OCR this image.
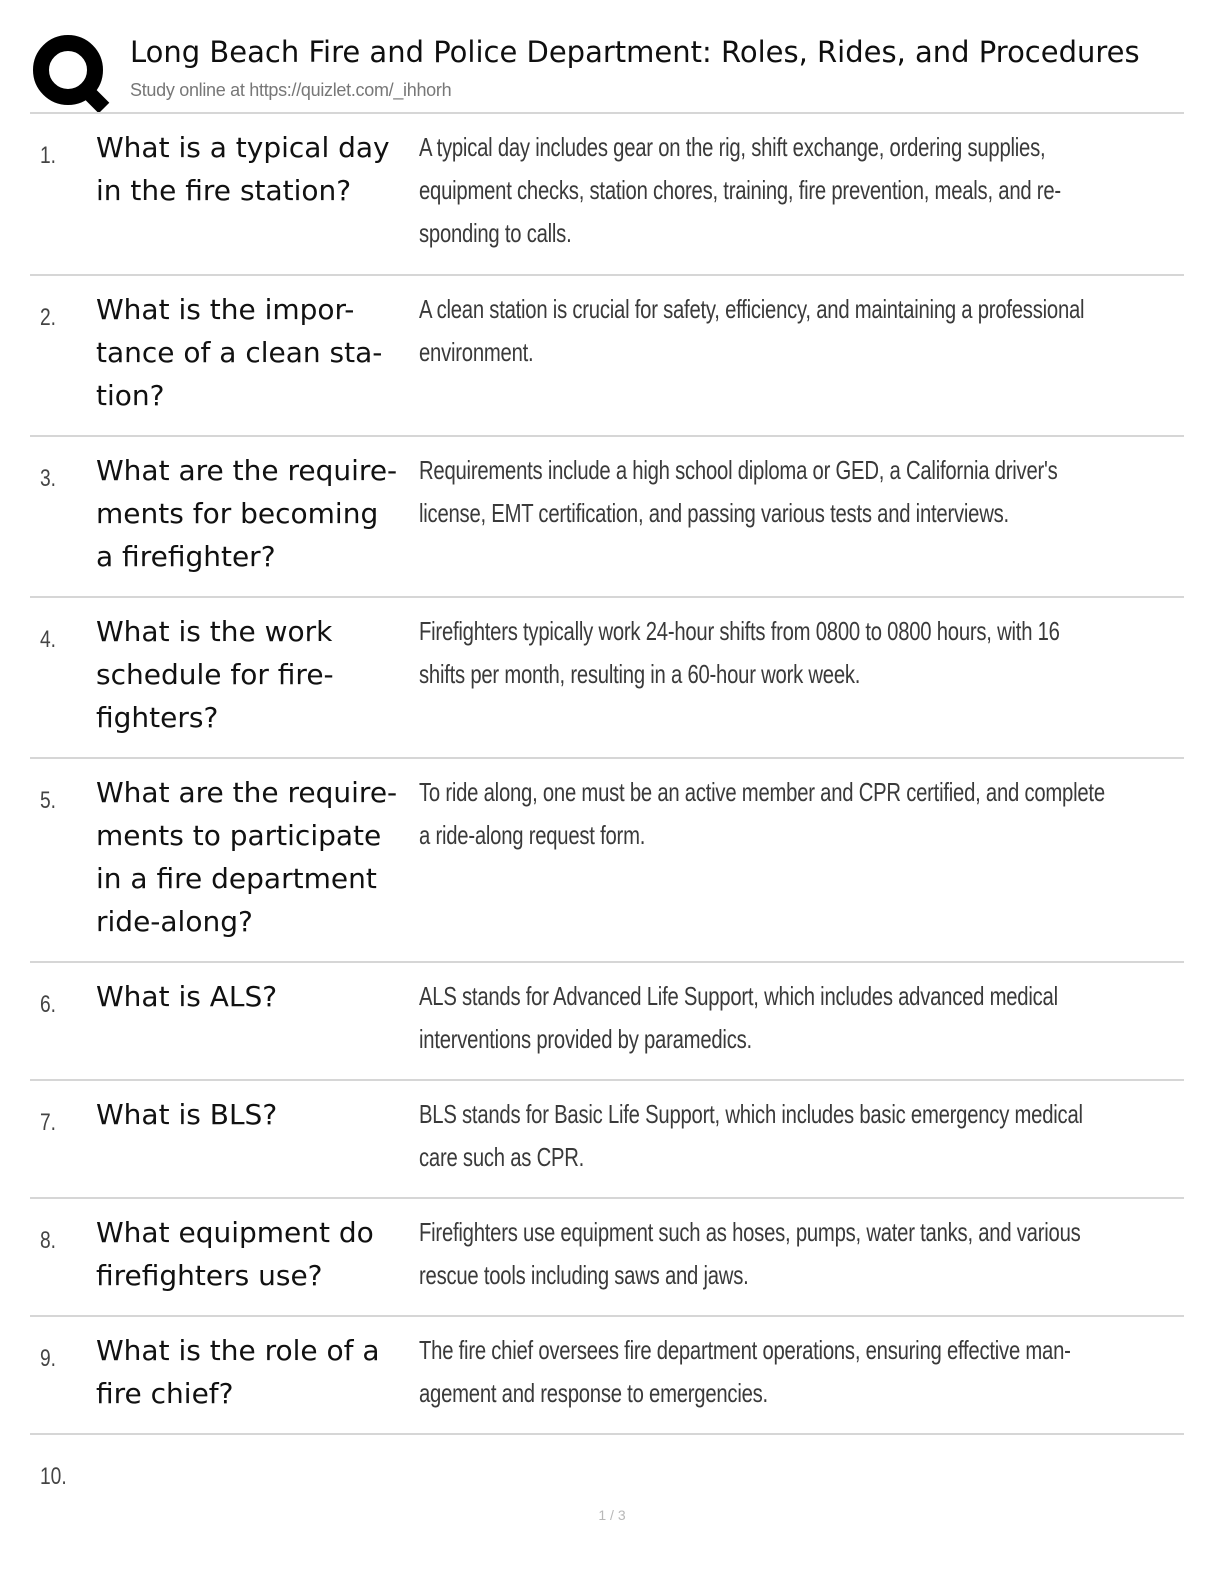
Long Beach Fire and Police Department: Roles, Rides, and Procedures
Study online at https://quizlet.com/_ihhorh
1. What is a typical day
in the fire station?
A typical day includes gear on the rig, shift exchange, ordering supplies,
equipment checks, station chores, training, fire prevention, meals, and re-
sponding to calls.
2. What is the impor-
tance of a clean sta-
tion?
A clean station is crucial for safety, efficiency, and maintaining a professional
environment.
3. What are the require-
ments for becoming
a firefighter?
Requirements include a high school diploma or GED, a California driver's
license, EMT certification, and passing various tests and interviews.
4. What is the work
schedule for fire-
fighters?
Firefighters typically work 24-hour shifts from 0800 to 0800 hours, with 16
shifts per month, resulting in a 60-hour work week.
5. What are the require-
ments to participate
in a fire department
ride-along?
To ride along, one must be an active member and CPR certified, and complete
a ride-along request form.
6. What is ALS?	ALS stands for Advanced Life Support, which includes advanced medical
interventions provided by paramedics.
7. What is BLS?	BLS stands for Basic Life Support, which includes basic emergency medical
care such as CPR.
8. What equipment do
firefighters use?
Firefighters use equipment such as hoses, pumps, water tanks, and various
rescue tools including saws and jaws.
9. What is the role of a
fire chief?
The fire chief oversees fire department operations, ensuring effective man-
agement and response to emergencies.
10.
1 / 3
